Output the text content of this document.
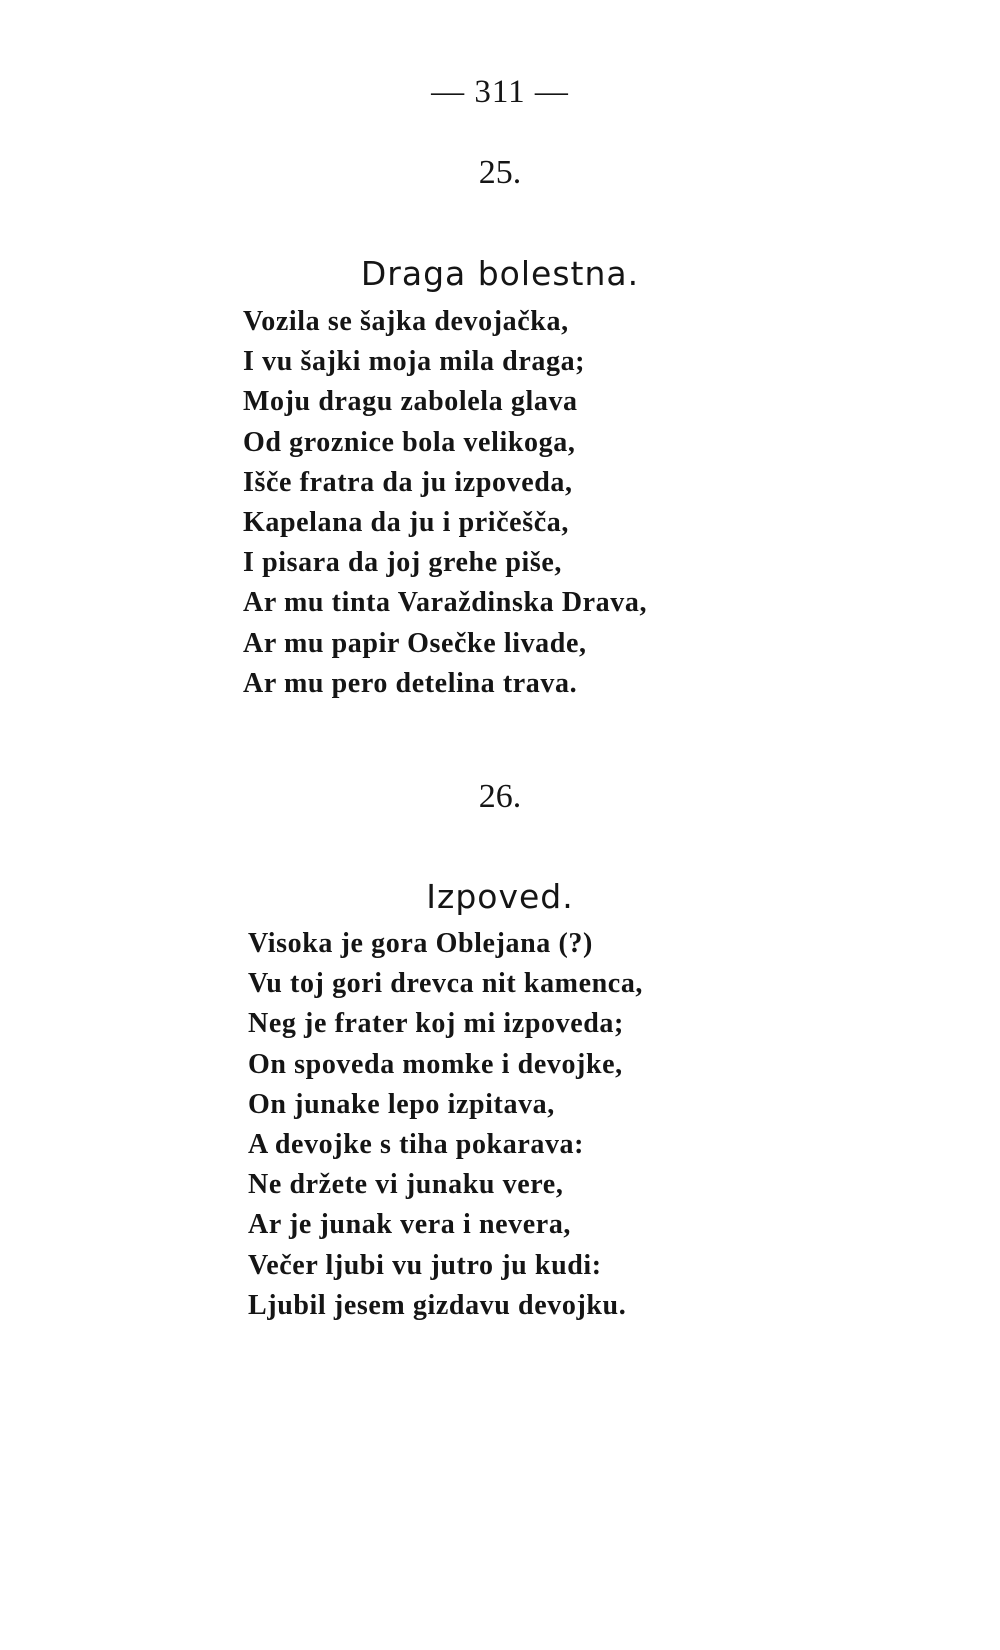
— 311 —
25.
Draga bolestna.
Vozila se šajka devojačka,
I vu šajki moja mila draga;
Moju dragu zabolela glava
Od groznice bola velikoga,
Išče fratra da ju izpoveda,
Kapelana da ju i pričešča,
I pisara da joj grehe piše,
Ar mu tinta Varaždinska Drava,
Ar mu papir Osečke livade,
Ar mu pero detelina trava.
26.
Izpoved.
Visoka je gora Oblejana (?)
Vu toj gori drevca nit kamenca,
Neg je frater koj mi izpoveda;
On spoveda momke i devojke,
On junake lepo izpitava,
A devojke s tiha pokarava:
Ne držete vi junaku vere,
Ar je junak vera i nevera,
Večer ljubi vu jutro ju kudi:
Ljubil jesem gizdavu devojku.
